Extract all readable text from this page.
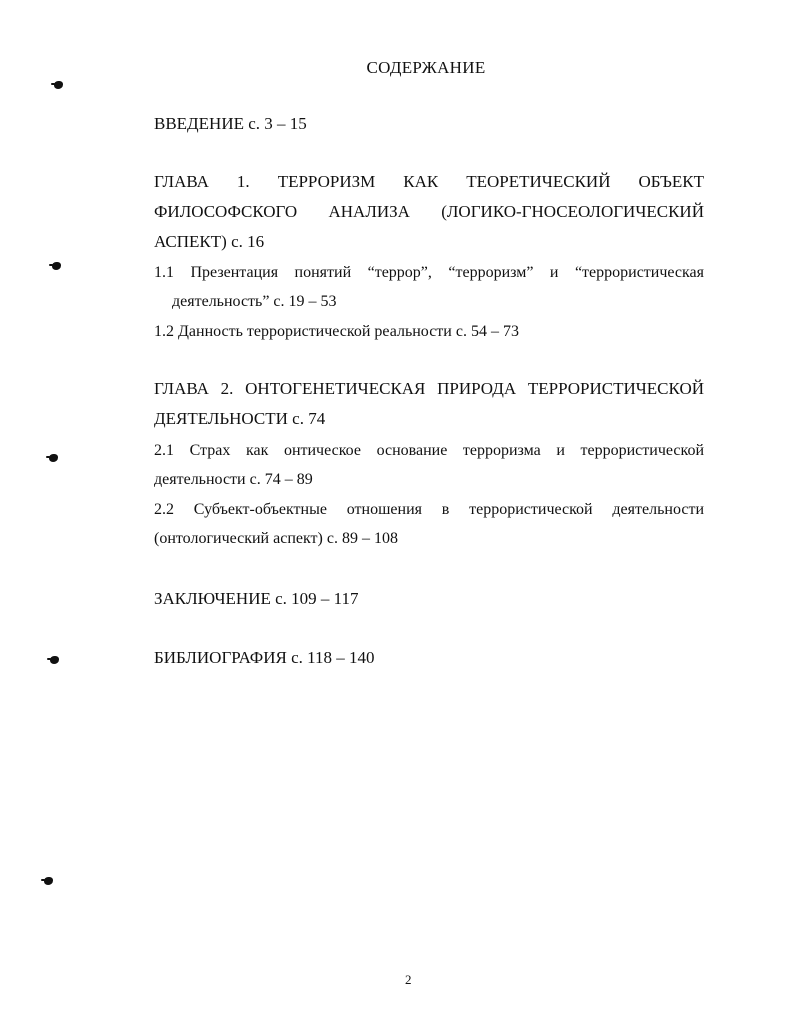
СОДЕРЖАНИЕ
ВВЕДЕНИЕ с. 3 – 15
ГЛАВА 1. ТЕРРОРИЗМ КАК ТЕОРЕТИЧЕСКИЙ ОБЪЕКТ
ФИЛОСОФСКОГО АНАЛИЗА (ЛОГИКО-ГНОСЕОЛОГИЧЕСКИЙ
АСПЕКТ) с. 16
1.1 Презентация понятий “террор”, “терроризм” и “террористическая
деятельность” с. 19 – 53
1.2 Данность террористической реальности с. 54 – 73
ГЛАВА 2. ОНТОГЕНЕТИЧЕСКАЯ ПРИРОДА ТЕРРОРИСТИЧЕСКОЙ
ДЕЯТЕЛЬНОСТИ с. 74
2.1 Страх как онтическое основание терроризма и террористической
деятельности с. 74 – 89
2.2 Субъект-объектные отношения в террористической деятельности
(онтологический аспект) с. 89 – 108
ЗАКЛЮЧЕНИЕ с. 109 – 117
БИБЛИОГРАФИЯ с. 118 – 140
2
